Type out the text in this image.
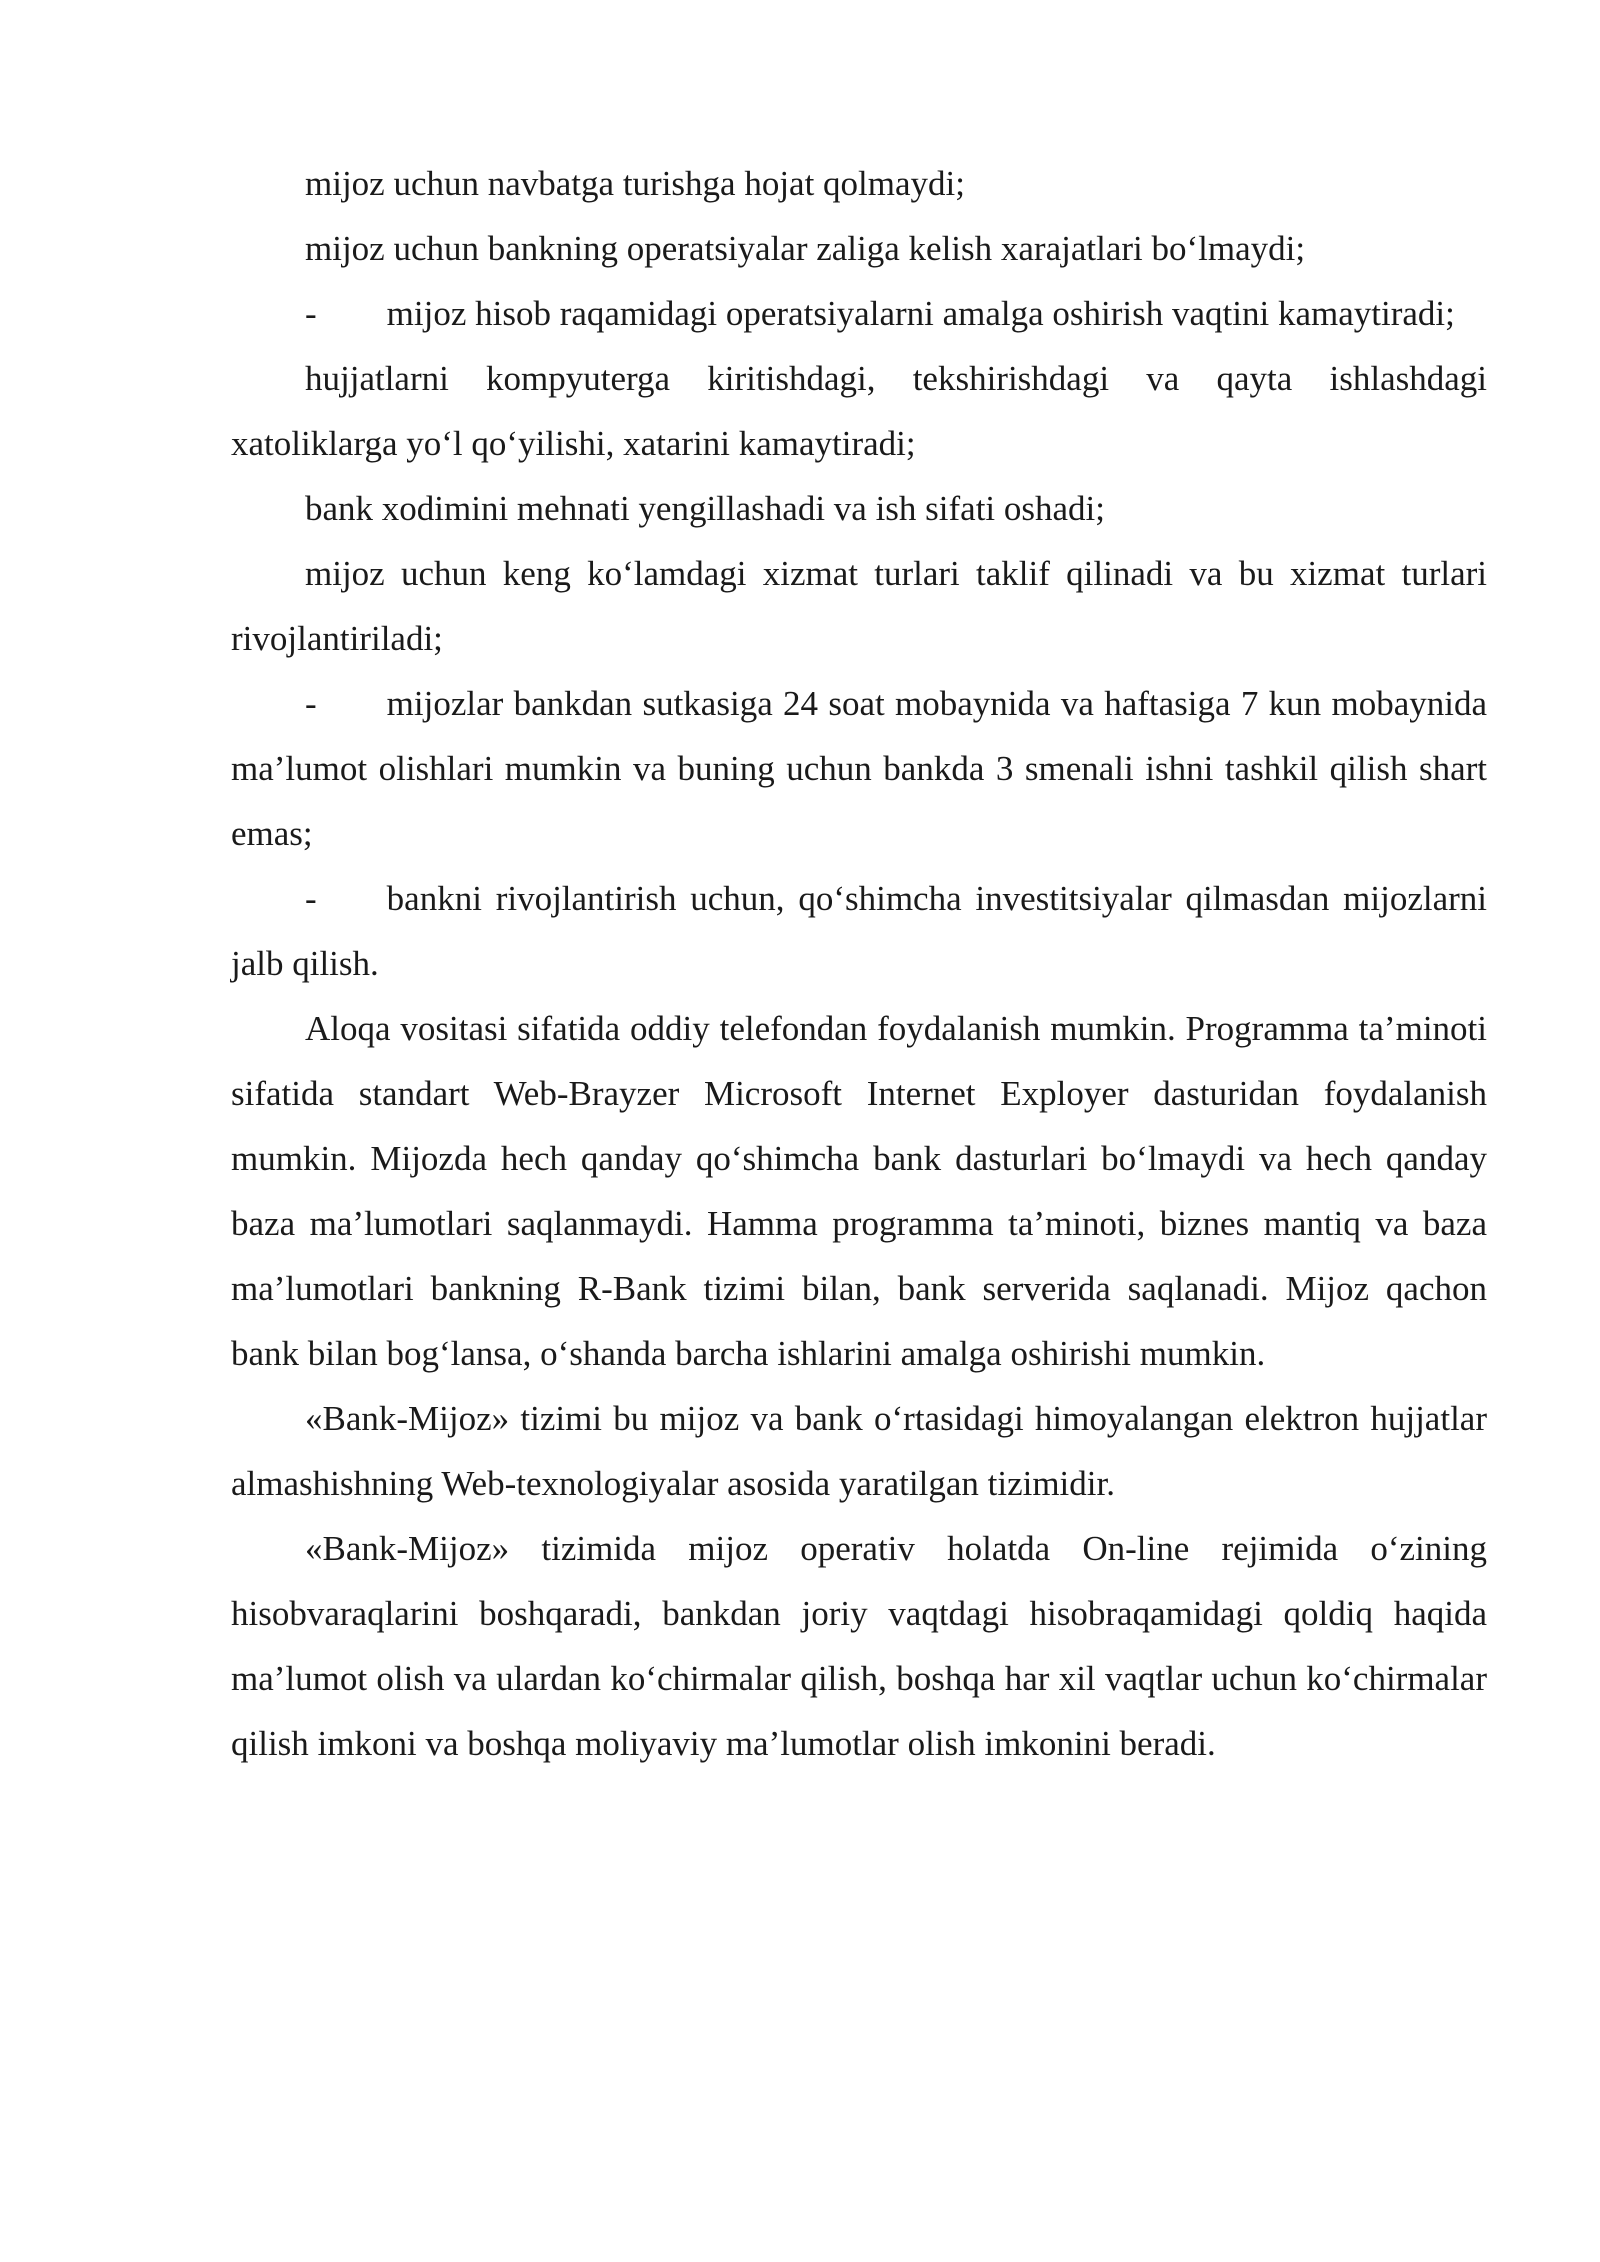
mijoz uchun navbatga turishga hojat qolmaydi;

mijoz uchun bankning operatsiyalar zaliga kelish xarajatlari bo‘lmaydi;

-  mijoz hisob raqamidagi operatsiyalarni amalga oshirish vaqtini kamaytiradi;

hujjatlarni kompyuterga kiritishdagi, tekshirishdagi va qayta ishlashdagi xatoliklarga yo‘l qo‘yilishi, xatarini kamaytiradi;

bank xodimini mehnati yengillashadi va ish sifati oshadi;

mijoz uchun keng ko‘lamdagi xizmat turlari taklif qilinadi va bu xizmat turlari rivojlantiriladi;

-  mijozlar bankdan sutkasiga 24 soat mobaynida va haftasiga 7 kun mobaynida ma’lumot olishlari mumkin va buning uchun bankda 3 smenali ishni tashkil qilish shart emas;

-  bankni rivojlantirish uchun, qo‘shimcha investitsiyalar qilmasdan mijozlarni jalb qilish.

Aloqa vositasi sifatida oddiy telefondan foydalanish mumkin. Programma ta’minoti sifatida standart Web-Brayzer Microsoft Internet Exployer dasturidan foydalanish mumkin. Mijozda hech qanday qo‘shimcha bank dasturlari bo‘lmaydi va hech qanday baza ma’lumotlari saqlanmaydi. Hamma programma ta’minoti, biznes mantiq va baza ma’lumotlari bankning R-Bank tizimi bilan, bank serverida saqlanadi. Mijoz qachon bank bilan bog‘lansa, o‘shanda barcha ishlarini amalga oshirishi mumkin.

«Bank-Mijoz» tizimi bu mijoz va bank o‘rtasidagi himoyalangan elektron hujjatlar almashishning Web-texnologiyalar asosida yaratilgan tizimidir.

«Bank-Mijoz» tizimida mijoz operativ holatda On-line rejimida o‘zining hisobvaraqlarini boshqaradi, bankdan joriy vaqtdagi hisobraqamidagi qoldiq haqida ma’lumot olish va ulardan ko‘chirmalar qilish, boshqa har xil vaqtlar uchun ko‘chirmalar qilish imkoni va boshqa moliyaviy ma’lumotlar olish imkonini beradi.
